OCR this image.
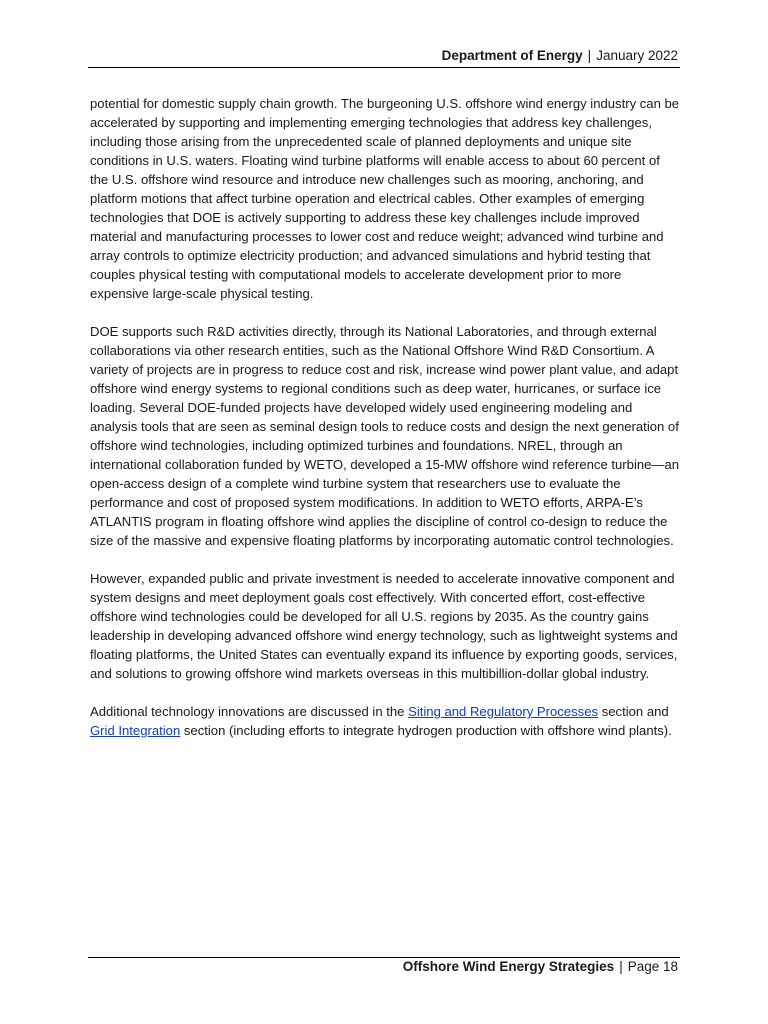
Department of Energy | January 2022

potential for domestic supply chain growth. The burgeoning U.S. offshore wind energy industry can be accelerated by supporting and implementing emerging technologies that address key challenges, including those arising from the unprecedented scale of planned deployments and unique site conditions in U.S. waters. Floating wind turbine platforms will enable access to about 60 percent of the U.S. offshore wind resource and introduce new challenges such as mooring, anchoring, and platform motions that affect turbine operation and electrical cables. Other examples of emerging technologies that DOE is actively supporting to address these key challenges include improved material and manufacturing processes to lower cost and reduce weight; advanced wind turbine and array controls to optimize electricity production; and advanced simulations and hybrid testing that couples physical testing with computational models to accelerate development prior to more expensive large-scale physical testing.

DOE supports such R&D activities directly, through its National Laboratories, and through external collaborations via other research entities, such as the National Offshore Wind R&D Consortium. A variety of projects are in progress to reduce cost and risk, increase wind power plant value, and adapt offshore wind energy systems to regional conditions such as deep water, hurricanes, or surface ice loading. Several DOE-funded projects have developed widely used engineering modeling and analysis tools that are seen as seminal design tools to reduce costs and design the next generation of offshore wind technologies, including optimized turbines and foundations. NREL, through an international collaboration funded by WETO, developed a 15-MW offshore wind reference turbine—an open-access design of a complete wind turbine system that researchers use to evaluate the performance and cost of proposed system modifications. In addition to WETO efforts, ARPA-E’s ATLANTIS program in floating offshore wind applies the discipline of control co-design to reduce the size of the massive and expensive floating platforms by incorporating automatic control technologies.

However, expanded public and private investment is needed to accelerate innovative component and system designs and meet deployment goals cost effectively. With concerted effort, cost-effective offshore wind technologies could be developed for all U.S. regions by 2035. As the country gains leadership in developing advanced offshore wind energy technology, such as lightweight systems and floating platforms, the United States can eventually expand its influence by exporting goods, services, and solutions to growing offshore wind markets overseas in this multibillion-dollar global industry.

Additional technology innovations are discussed in the Siting and Regulatory Processes section and Grid Integration section (including efforts to integrate hydrogen production with offshore wind plants).

Offshore Wind Energy Strategies | Page 18
